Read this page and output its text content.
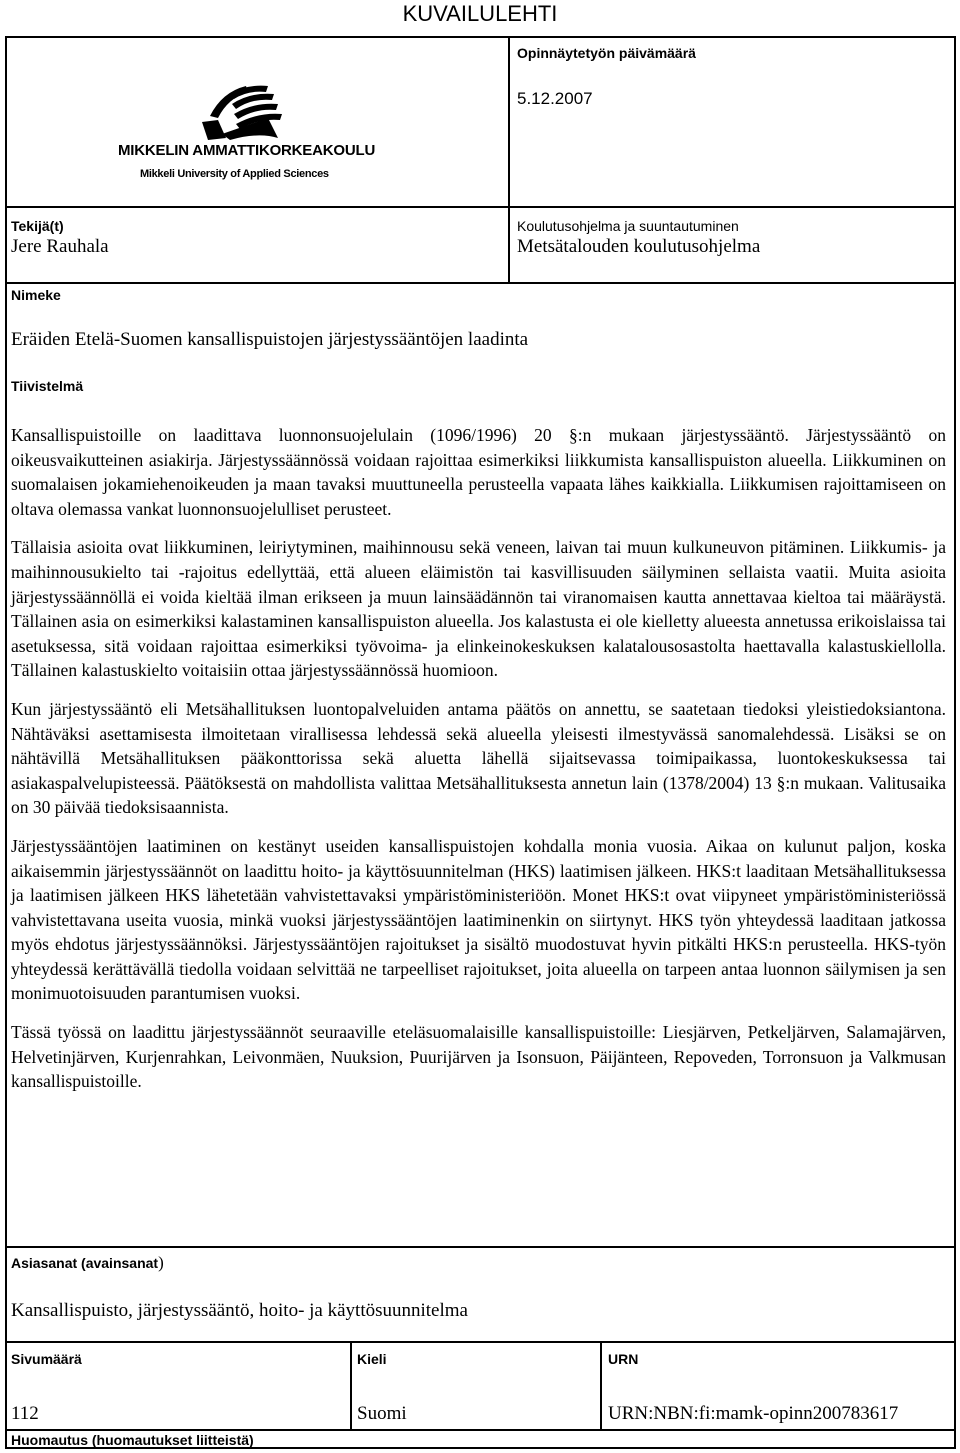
KUVAILULEHTI
MIKKELIN AMMATTIKORKEAKOULU
Mikkeli University of Applied Sciences
Opinnäytetyön päivämäärä
5.12.2007
Tekijä(t)
Jere Rauhala
Koulutusohjelma ja suuntautuminen
Metsätalouden koulutusohjelma
Nimeke
Eräiden Etelä-Suomen kansallispuistojen järjestyssääntöjen laadinta
Tiivistelmä

Kansallispuistoille on laadittava luonnonsuojelulain (1096/1996) 20 §:n mukaan järjestyssääntö. Järjestyssääntö on oikeusvaikutteinen asiakirja. Järjestyssäännössä voidaan rajoittaa esimerkiksi liikkumista kansallispuiston alueella. Liikkuminen on suomalaisen jokamiehenoikeuden ja maan tavaksi muuttuneella perusteella vapaata lähes kaikkialla. Liikkumisen rajoittamiseen on oltava olemassa vankat luonnonsuojelulliset perusteet.

Tällaisia asioita ovat liikkuminen, leiriytyminen, maihinnousu sekä veneen, laivan tai muun kulkuneuvon pitäminen. Liikkumis- ja maihinnousukielto tai -rajoitus edellyttää, että alueen eläimistön tai kasvillisuuden säilyminen sellaista vaatii. Muita asioita järjestyssäännöllä ei voida kieltää ilman erikseen ja muun lainsäädännön tai viranomaisen kautta annettavaa kieltoa tai määräystä. Tällainen asia on esimerkiksi kalastaminen kansallispuiston alueella. Jos kalastusta ei ole kielletty alueesta annetussa erikoislaissa tai asetuksessa, sitä voidaan rajoittaa esimerkiksi työvoima- ja elinkeinokeskuksen kalatalousosastolta haettavalla kalastuskiellolla. Tällainen kalastuskielto voitaisiin ottaa järjestyssäännössä huomioon.

Kun järjestyssääntö eli Metsähallituksen luontopalveluiden antama päätös on annettu, se saatetaan tiedoksi yleistiedoksiantona. Nähtäväksi asettamisesta ilmoitetaan virallisessa lehdessä sekä alueella yleisesti ilmestyvässä sanomalehdessä. Lisäksi se on nähtävillä Metsähallituksen pääkonttorissa sekä aluetta lähellä sijaitsevassa toimipaikassa, luontokeskuksessa tai asiakaspalvelupisteessä. Päätöksestä on mahdollista valittaa Metsähallituksesta annetun lain (1378/2004) 13 §:n mukaan. Valitusaika on 30 päivää tiedoksisaannista.

Järjestyssääntöjen laatiminen on kestänyt useiden kansallispuistojen kohdalla monia vuosia. Aikaa on kulunut paljon, koska aikaisemmin järjestyssäännöt on laadittu hoito- ja käyttösuunnitelman (HKS) laatimisen jälkeen. HKS:t laaditaan Metsähallituksessa ja laatimisen jälkeen HKS lähetetään vahvistettavaksi ympäristöministeriöön. Monet HKS:t ovat viipyneet ympäristöministeriössä vahvistettavana useita vuosia, minkä vuoksi järjestyssääntöjen laatiminenkin on siirtynyt. HKS työn yhteydessä laaditaan jatkossa myös ehdotus järjestyssäännöksi. Järjestyssääntöjen rajoitukset ja sisältö muodostuvat hyvin pitkälti HKS:n perusteella. HKS-työn yhteydessä kerättävällä tiedolla voidaan selvittää ne tarpeelliset rajoitukset, joita alueella on tarpeen antaa luonnon säilymisen ja sen monimuotoisuuden parantumisen vuoksi.

Tässä työssä on laadittu järjestyssäännöt seuraaville eteläsuomalaisille kansallispuistoille: Liesjärven, Petkeljärven, Salamajärven, Helvetinjärven, Kurjenrahkan, Leivonmäen, Nuuksion, Puurijärven ja Isonsuon, Päijänteen, Repoveden, Torronsuon ja Valkmusan kansallispuistoille.

Asiasanat (avainsanat)
Kansallispuisto, järjestyssääntö, hoito- ja käyttösuunnitelma
Sivumäärä
112
Kieli
Suomi
URN
URN:NBN:fi:mamk-opinn200783617
Huomautus (huomautukset liitteistä)
